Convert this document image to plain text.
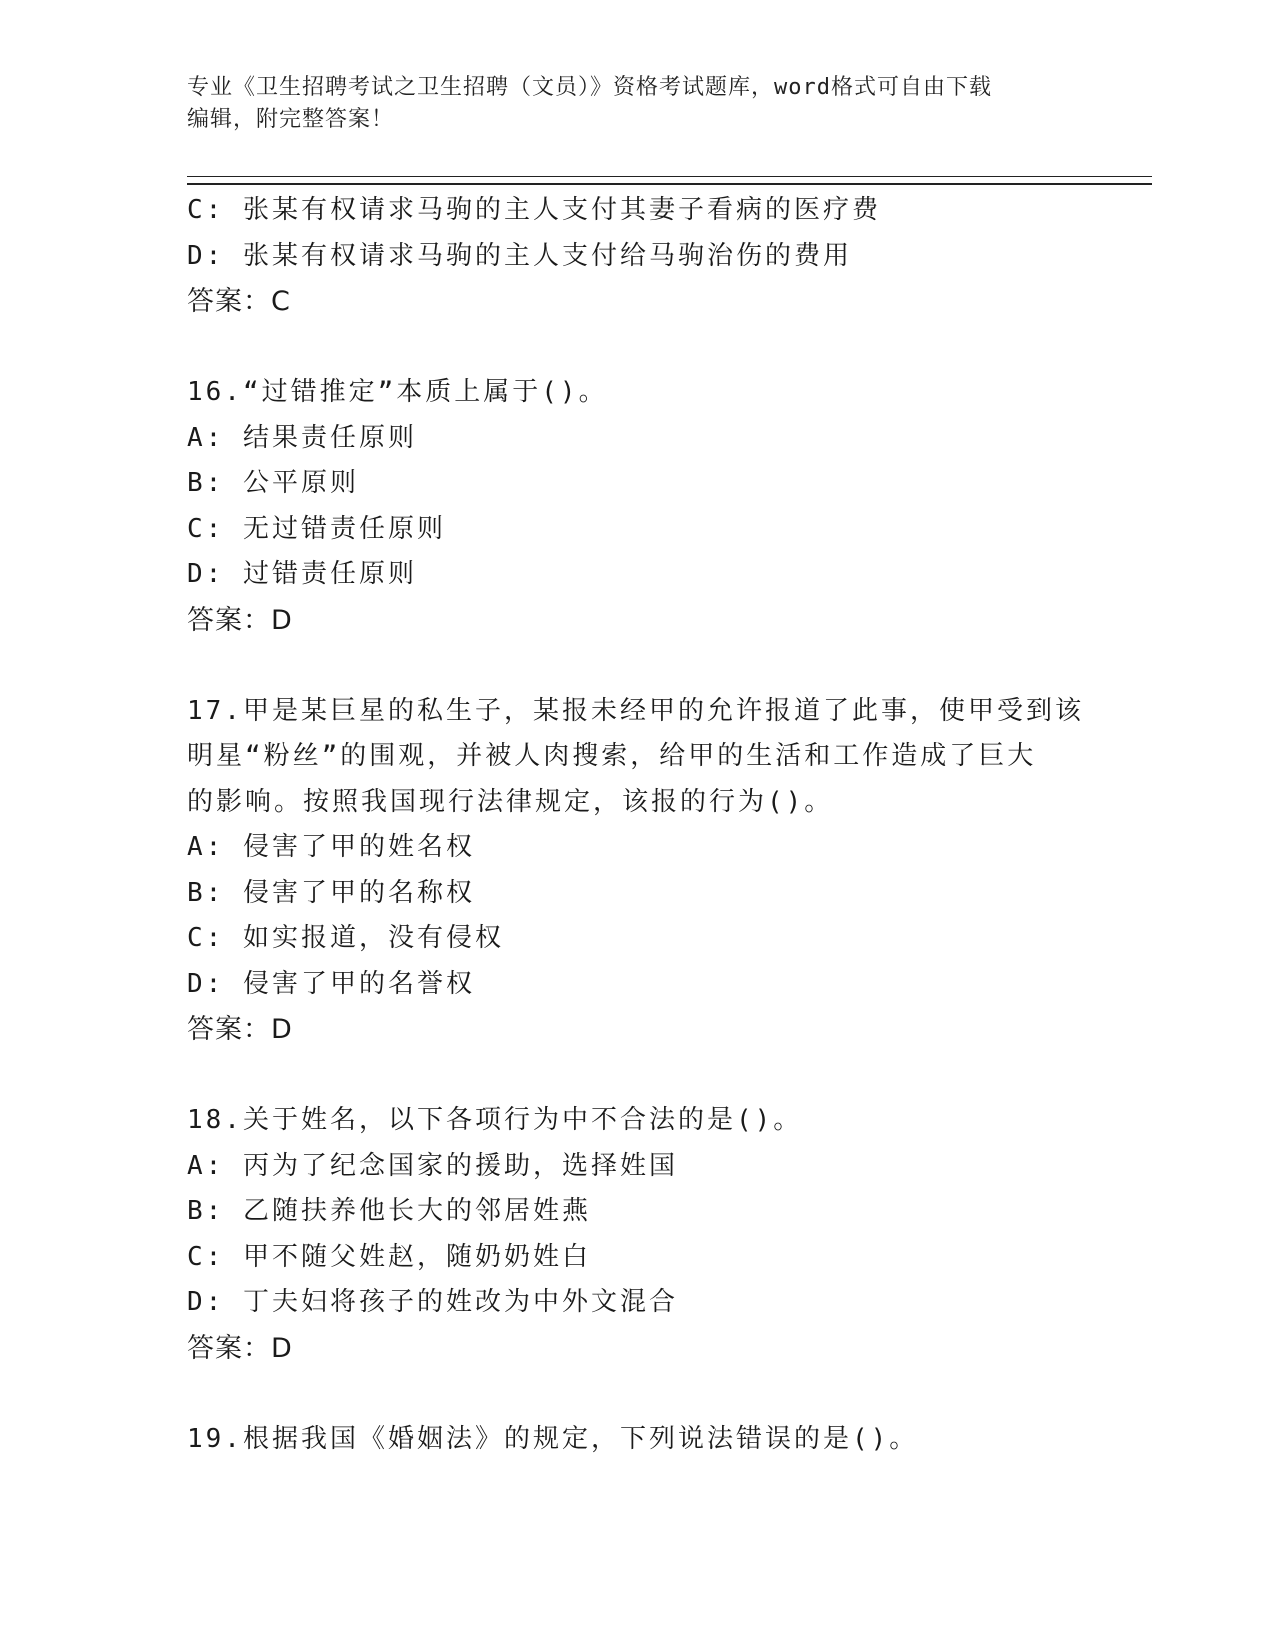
专业《卫生招聘考试之卫生招聘（文员）》资格考试题库，word格式可自由下载
编辑，附完整答案！
C: 张某有权请求马驹的主人支付其妻子看病的医疗费
D: 张某有权请求马驹的主人支付给马驹治伤的费用
答案：C
16.“过错推定”本质上属于()。
A: 结果责任原则
B: 公平原则
C: 无过错责任原则
D: 过错责任原则
答案：D
17.甲是某巨星的私生子，某报未经甲的允许报道了此事，使甲受到该
明星“粉丝”的围观，并被人肉搜索，给甲的生活和工作造成了巨大
的影响。按照我国现行法律规定，该报的行为()。
A: 侵害了甲的姓名权
B: 侵害了甲的名称权
C: 如实报道，没有侵权
D: 侵害了甲的名誉权
答案：D
18.关于姓名，以下各项行为中不合法的是()。
A: 丙为了纪念国家的援助，选择姓国
B: 乙随扶养他长大的邻居姓燕
C: 甲不随父姓赵，随奶奶姓白
D: 丁夫妇将孩子的姓改为中外文混合
答案：D
19.根据我国《婚姻法》的规定，下列说法错误的是()。
